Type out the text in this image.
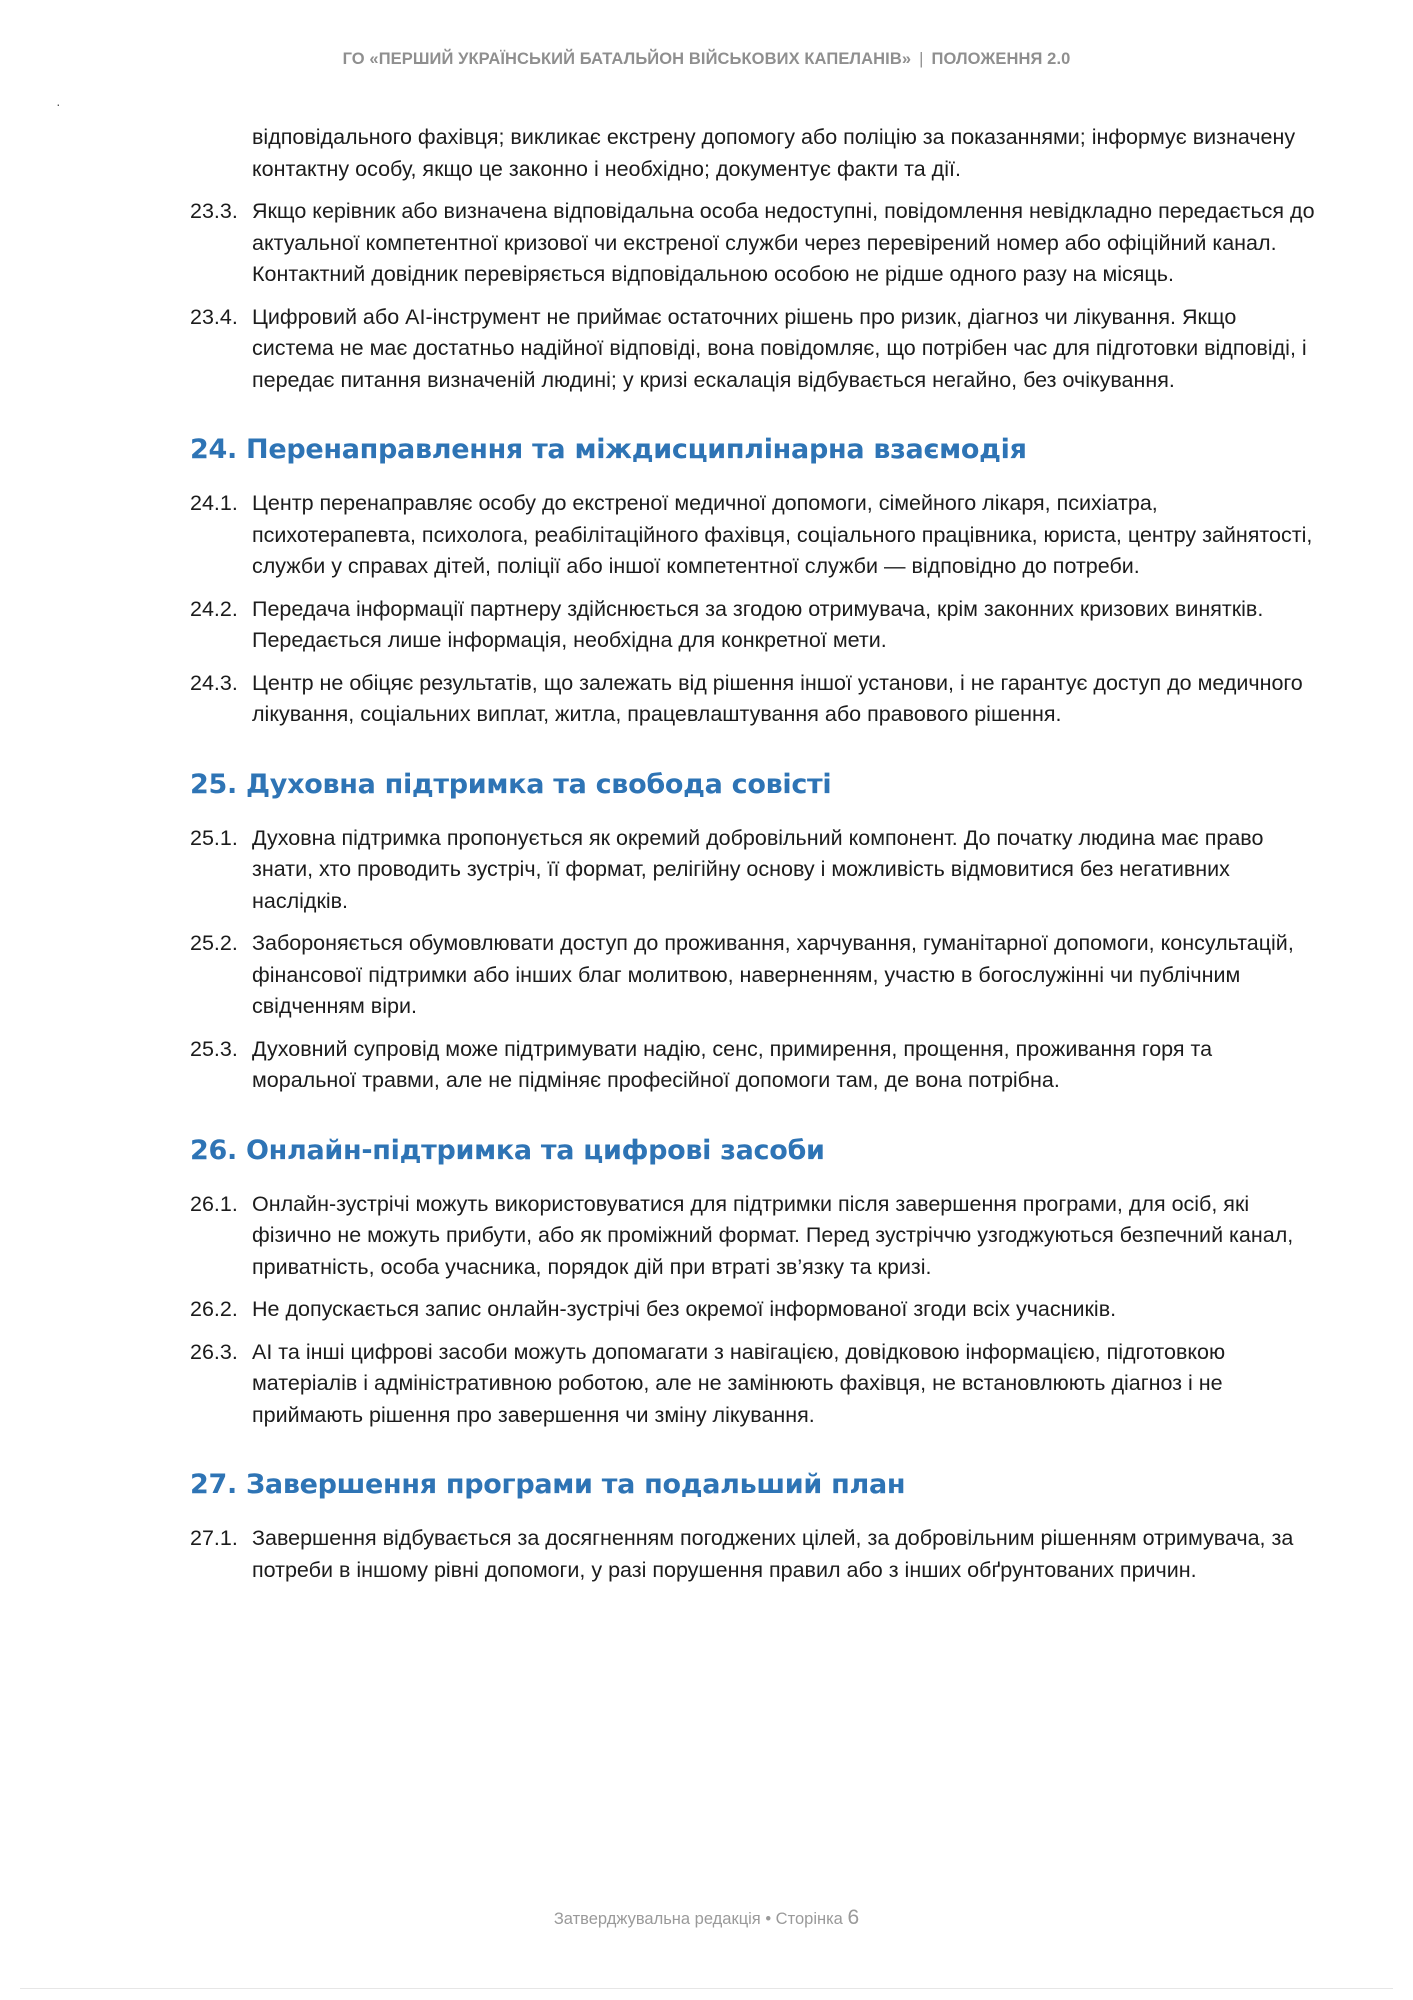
ГО «ПЕРШИЙ УКРАЇНСЬКИЙ БАТАЛЬЙОН ВІЙСЬКОВИХ КАПЕЛАНІВ» | ПОЛОЖЕННЯ 2.0
·
відповідального фахівця; викликає екстрену допомогу або поліцію за показаннями; інформує визначену контактну особу, якщо це законно і необхідно; документує факти та дії.
23.3. Якщо керівник або визначена відповідальна особа недоступні, повідомлення невідкладно передається до актуальної компетентної кризової чи екстреної служби через перевірений номер або офіційний канал. Контактний довідник перевіряється відповідальною особою не рідше одного разу на місяць.
23.4. Цифровий або AI-інструмент не приймає остаточних рішень про ризик, діагноз чи лікування. Якщо система не має достатньо надійної відповіді, вона повідомляє, що потрібен час для підготовки відповіді, і передає питання визначеній людині; у кризі ескалація відбувається негайно, без очікування.
24. Перенаправлення та міждисциплінарна взаємодія
24.1. Центр перенаправляє особу до екстреної медичної допомоги, сімейного лікаря, психіатра, психотерапевта, психолога, реабілітаційного фахівця, соціального працівника, юриста, центру зайнятості, служби у справах дітей, поліції або іншої компетентної служби — відповідно до потреби.
24.2. Передача інформації партнеру здійснюється за згодою отримувача, крім законних кризових винятків. Передається лише інформація, необхідна для конкретної мети.
24.3. Центр не обіцяє результатів, що залежать від рішення іншої установи, і не гарантує доступ до медичного лікування, соціальних виплат, житла, працевлаштування або правового рішення.
25. Духовна підтримка та свобода совісті
25.1. Духовна підтримка пропонується як окремий добровільний компонент. До початку людина має право знати, хто проводить зустріч, її формат, релігійну основу і можливість відмовитися без негативних наслідків.
25.2. Забороняється обумовлювати доступ до проживання, харчування, гуманітарної допомоги, консультацій, фінансової підтримки або інших благ молитвою, наверненням, участю в богослужінні чи публічним свідченням віри.
25.3. Духовний супровід може підтримувати надію, сенс, примирення, прощення, проживання горя та моральної травми, але не підміняє професійної допомоги там, де вона потрібна.
26. Онлайн-підтримка та цифрові засоби
26.1. Онлайн-зустрічі можуть використовуватися для підтримки після завершення програми, для осіб, які фізично не можуть прибути, або як проміжний формат. Перед зустріччю узгоджуються безпечний канал, приватність, особа учасника, порядок дій при втраті зв’язку та кризі.
26.2. Не допускається запис онлайн-зустрічі без окремої інформованої згоди всіх учасників.
26.3. AI та інші цифрові засоби можуть допомагати з навігацією, довідковою інформацією, підготовкою матеріалів і адміністративною роботою, але не замінюють фахівця, не встановлюють діагноз і не приймають рішення про завершення чи зміну лікування.
27. Завершення програми та подальший план
27.1. Завершення відбувається за досягненням погоджених цілей, за добровільним рішенням отримувача, за потреби в іншому рівні допомоги, у разі порушення правил або з інших обґрунтованих причин.
Затверджувальна редакція • Сторінка 6
